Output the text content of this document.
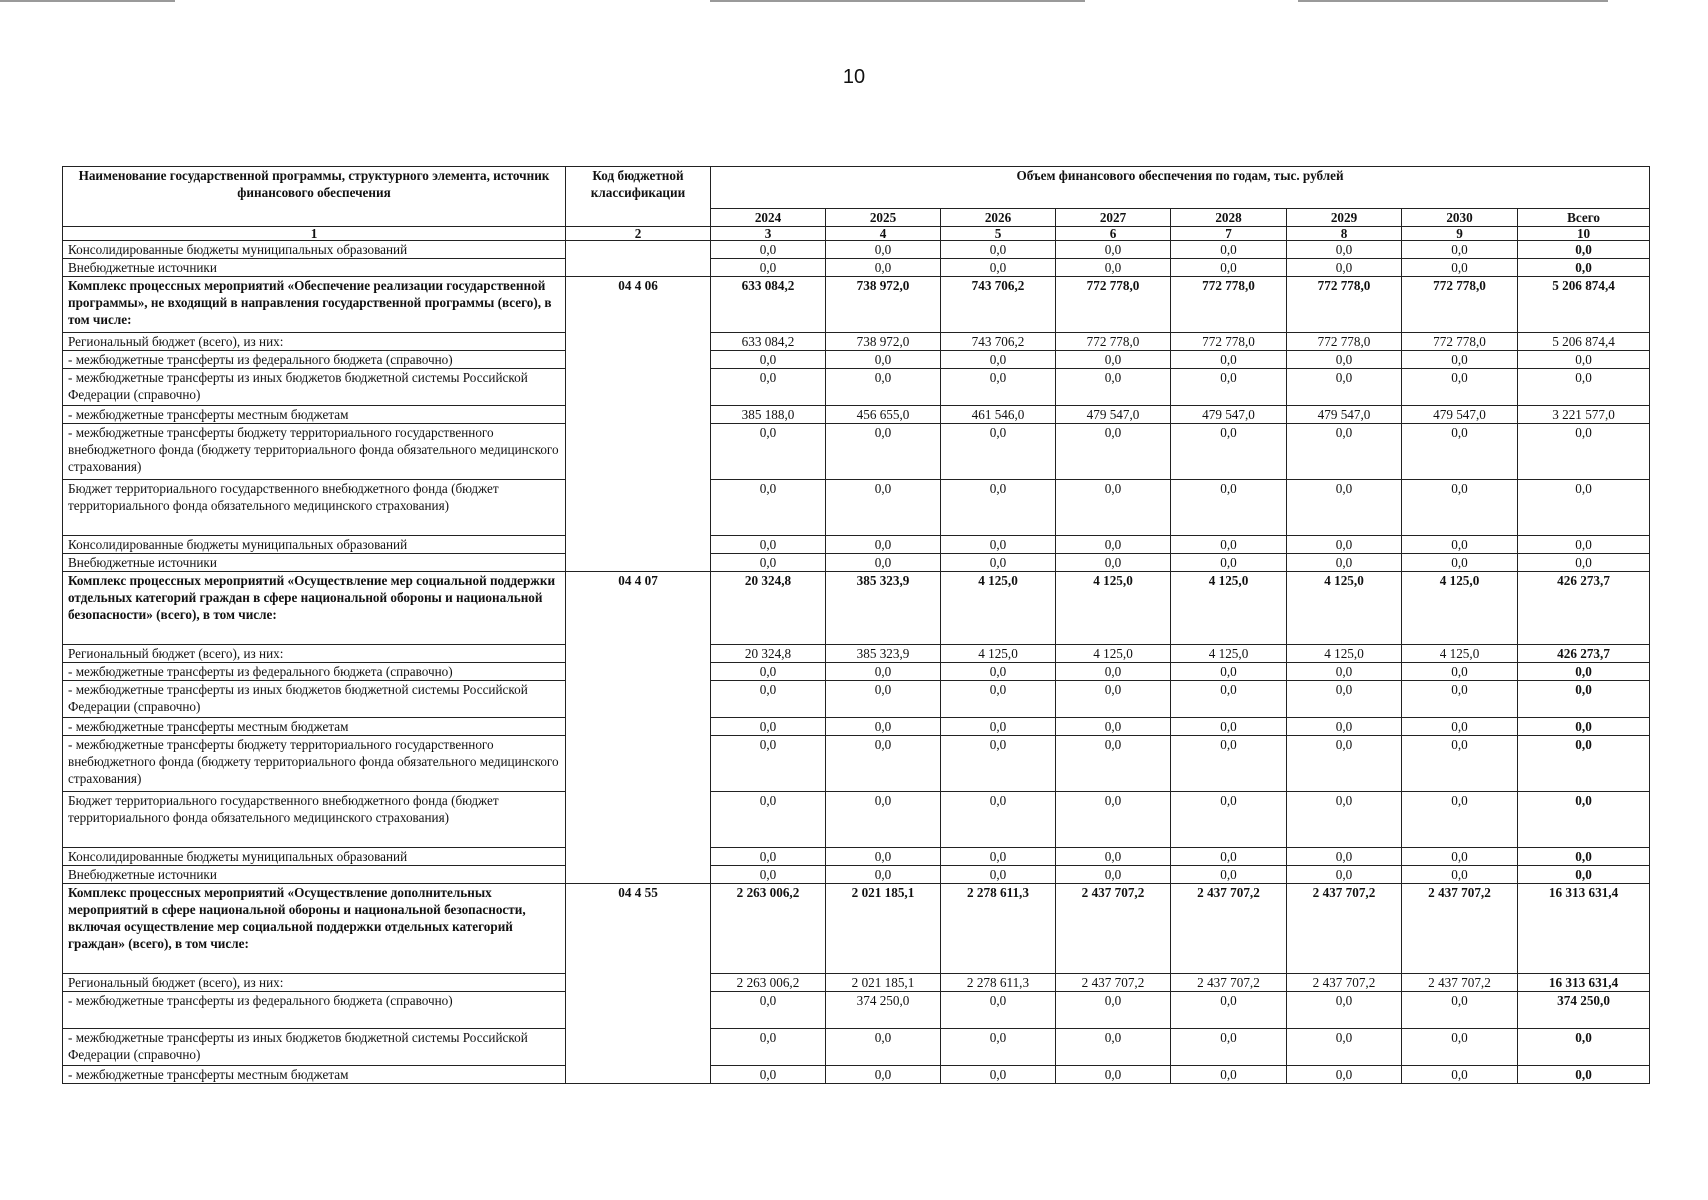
10
Наименование государственной программы, структурного элемента, источник финансового обеспечения	Код бюджетной классификации	Объем финансового обеспечения по годам, тыс. рублей							
		2024	2025	2026	2027	2028	2029	2030	Всего
1	2	3	4	5	6	7	8	9	10
Консолидированные бюджеты муниципальных образований		0,0	0,0	0,0	0,0	0,0	0,0	0,0	0,0
Внебюджетные источники		0,0	0,0	0,0	0,0	0,0	0,0	0,0	0,0
Комплекс процессных мероприятий «Обеспечение реализации государственной программы», не входящий в направления государственной программы (всего), в том числе:	04 4 06	633 084,2	738 972,0	743 706,2	772 778,0	772 778,0	772 778,0	772 778,0	5 206 874,4
Региональный бюджет (всего), из них:		633 084,2	738 972,0	743 706,2	772 778,0	772 778,0	772 778,0	772 778,0	5 206 874,4
- межбюджетные трансферты из федерального бюджета (справочно)		0,0	0,0	0,0	0,0	0,0	0,0	0,0	0,0
- межбюджетные трансферты из иных бюджетов бюджетной системы Российской Федерации (справочно)		0,0	0,0	0,0	0,0	0,0	0,0	0,0	0,0
- межбюджетные трансферты местным бюджетам		385 188,0	456 655,0	461 546,0	479 547,0	479 547,0	479 547,0	479 547,0	3 221 577,0
- межбюджетные трансферты бюджету территориального государственного внебюджетного фонда (бюджету территориального фонда обязательного медицинского страхования)		0,0	0,0	0,0	0,0	0,0	0,0	0,0	0,0
Бюджет территориального государственного внебюджетного фонда (бюджет территориального фонда обязательного медицинского страхования)		0,0	0,0	0,0	0,0	0,0	0,0	0,0	0,0
Консолидированные бюджеты муниципальных образований		0,0	0,0	0,0	0,0	0,0	0,0	0,0	0,0
Внебюджетные источники		0,0	0,0	0,0	0,0	0,0	0,0	0,0	0,0
Комплекс процессных мероприятий «Осуществление мер социальной поддержки отдельных категорий граждан в сфере национальной обороны и национальной безопасности» (всего), в том числе:	04 4 07	20 324,8	385 323,9	4 125,0	4 125,0	4 125,0	4 125,0	4 125,0	426 273,7
Региональный бюджет (всего), из них:		20 324,8	385 323,9	4 125,0	4 125,0	4 125,0	4 125,0	4 125,0	426 273,7
- межбюджетные трансферты из федерального бюджета (справочно)		0,0	0,0	0,0	0,0	0,0	0,0	0,0	0,0
- межбюджетные трансферты из иных бюджетов бюджетной системы Российской Федерации (справочно)		0,0	0,0	0,0	0,0	0,0	0,0	0,0	0,0
- межбюджетные трансферты местным бюджетам		0,0	0,0	0,0	0,0	0,0	0,0	0,0	0,0
- межбюджетные трансферты бюджету территориального государственного внебюджетного фонда (бюджету территориального фонда обязательного медицинского страхования)		0,0	0,0	0,0	0,0	0,0	0,0	0,0	0,0
Бюджет территориального государственного внебюджетного фонда (бюджет территориального фонда обязательного медицинского страхования)		0,0	0,0	0,0	0,0	0,0	0,0	0,0	0,0
Консолидированные бюджеты муниципальных образований		0,0	0,0	0,0	0,0	0,0	0,0	0,0	0,0
Внебюджетные источники		0,0	0,0	0,0	0,0	0,0	0,0	0,0	0,0
Комплекс процессных мероприятий «Осуществление дополнительных мероприятий в сфере национальной обороны и национальной безопасности, включая осуществление мер социальной поддержки отдельных категорий граждан» (всего), в том числе:	04 4 55	2 263 006,2	2 021 185,1	2 278 611,3	2 437 707,2	2 437 707,2	2 437 707,2	2 437 707,2	16 313 631,4
Региональный бюджет (всего), из них:		2 263 006,2	2 021 185,1	2 278 611,3	2 437 707,2	2 437 707,2	2 437 707,2	2 437 707,2	16 313 631,4
- межбюджетные трансферты из федерального бюджета (справочно)		0,0	374 250,0	0,0	0,0	0,0	0,0	0,0	374 250,0
- межбюджетные трансферты из иных бюджетов бюджетной системы Российской Федерации (справочно)		0,0	0,0	0,0	0,0	0,0	0,0	0,0	0,0
- межбюджетные трансферты местным бюджетам		0,0	0,0	0,0	0,0	0,0	0,0	0,0	0,0
